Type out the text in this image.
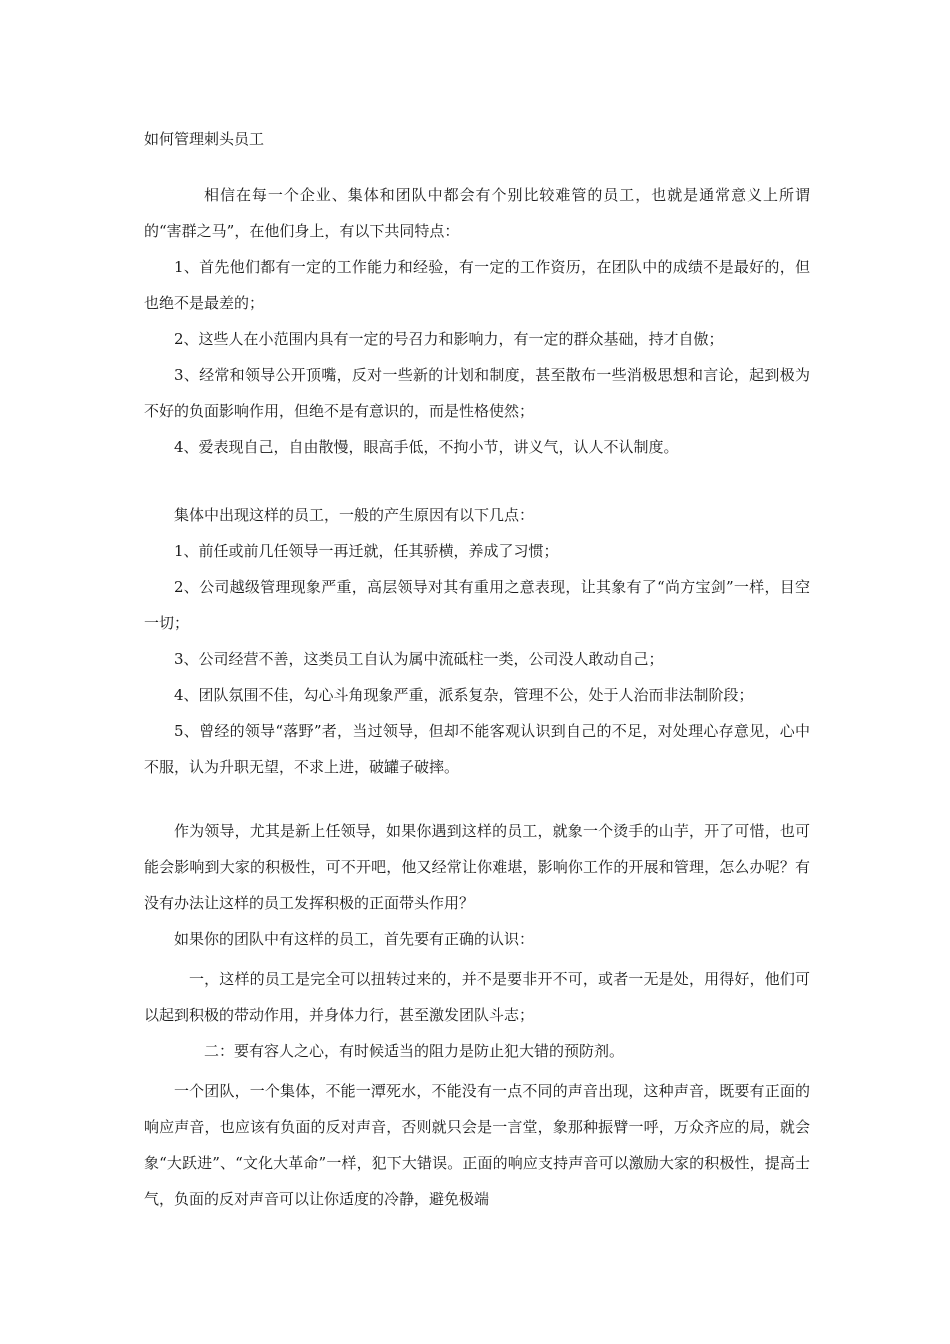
如何管理刺头员工

相信在每一个企业、集体和团队中都会有个别比较难管的员工，也就是通常意义上所谓的“害群之马”，在他们身上，有以下共同特点：

1、首先他们都有一定的工作能力和经验，有一定的工作资历，在团队中的成绩不是最好的，但也绝不是最差的；

2、这些人在小范围内具有一定的号召力和影响力，有一定的群众基础，持才自傲；

3、经常和领导公开顶嘴，反对一些新的计划和制度，甚至散布一些消极思想和言论，起到极为不好的负面影响作用，但绝不是有意识的，而是性格使然；

4、爱表现自己，自由散慢，眼高手低，不拘小节，讲义气，认人不认制度。

集体中出现这样的员工，一般的产生原因有以下几点：

1、前任或前几任领导一再迁就，任其骄横，养成了习惯；

2、公司越级管理现象严重，高层领导对其有重用之意表现，让其象有了“尚方宝剑”一样，目空一切；

3、公司经营不善，这类员工自认为属中流砥柱一类，公司没人敢动自己；

4、团队氛围不佳，勾心斗角现象严重，派系复杂，管理不公，处于人治而非法制阶段；

5、曾经的领导“落野”者，当过领导，但却不能客观认识到自己的不足，对处理心存意见，心中不服，认为升职无望，不求上进，破罐子破摔。

作为领导，尤其是新上任领导，如果你遇到这样的员工，就象一个烫手的山芋，开了可惜，也可能会影响到大家的积极性，可不开吧，他又经常让你难堪，影响你工作的开展和管理，怎么办呢？有没有办法让这样的员工发挥积极的正面带头作用？

如果你的团队中有这样的员工，首先要有正确的认识：

一，这样的员工是完全可以扭转过来的，并不是要非开不可，或者一无是处，用得好，他们可以起到积极的带动作用，并身体力行，甚至激发团队斗志；

二：要有容人之心，有时候适当的阻力是防止犯大错的预防剂。

一个团队，一个集体，不能一潭死水，不能没有一点不同的声音出现，这种声音，既要有正面的响应声音，也应该有负面的反对声音，否则就只会是一言堂，象那种振臂一呼，万众齐应的局，就会象“大跃进”、“文化大革命”一样，犯下大错误。正面的响应支持声音可以激励大家的积极性，提高士气，负面的反对声音可以让你适度的冷静，避免极端
